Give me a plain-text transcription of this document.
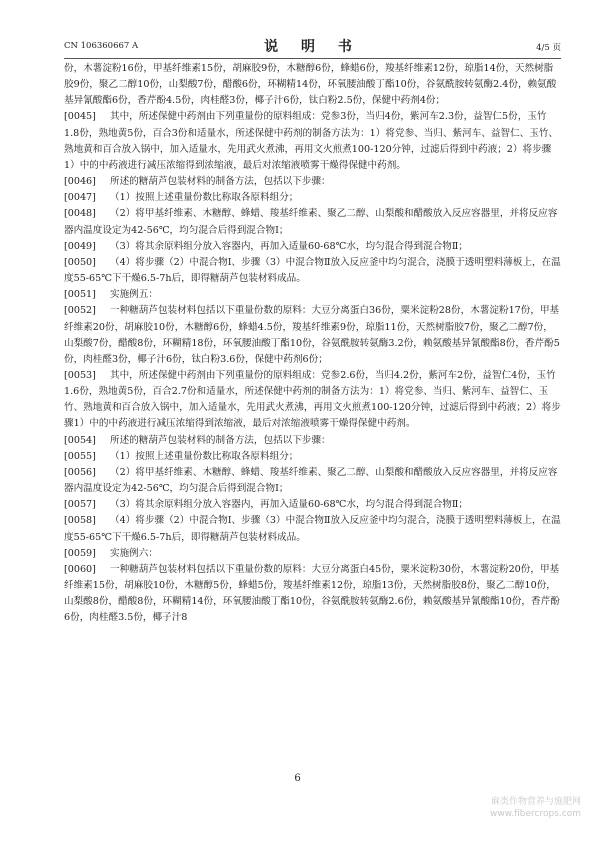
CN 106360667 A	说 明 书	4/5 页

份，木薯淀粉16份，甲基纤维素15份，胡麻胶9份，木糖醇6份，蜂蜡6份，羧基纤维素12份，琼脂14份，天然树脂胶9份，聚乙二醇10份，山梨酸7份，醋酸6份，环糊精14份，环氧腰油酸丁酯10份，谷氨酰胺转氨酶2.4份，赖氨酸基异氰酸酯6份，香芹酚4.5份，肉桂醛3份，椰子汁6份，钛白粉2.5份，保健中药剂4份；

[0045] 其中，所述保健中药剂由下列重量份的原料组成：党参3份，当归4份，紫河车2.3份，益智仁5份，玉竹1.8份，熟地黄5份，百合3份和适量水，所述保健中药剂的制备方法为：1）将党参、当归、紫河车、益智仁、玉竹、熟地黄和百合放入锅中，加入适量水，先用武火煮沸，再用文火煎煮100-120分钟，过滤后得到中药液；2）将步骤1）中的中药液进行减压浓缩得到浓缩液，最后对浓缩液喷雾干燥得保健中药剂。

[0046] 所述的糖葫芦包装材料的制备方法，包括以下步骤：

[0047] （1）按照上述重量份数比称取各原料组分；

[0048] （2）将甲基纤维素、木糖醇、蜂蜡、羧基纤维素、聚乙二醇、山梨酸和醋酸放入反应容器里，并将反应容器内温度设定为42-56℃，均匀混合后得到混合物Ⅰ；

[0049] （3）将其余原料组分放入容器内，再加入适量60-68℃水，均匀混合得到混合物Ⅱ；

[0050] （4）将步骤（2）中混合物Ⅰ、步骤（3）中混合物Ⅱ放入反应釜中均匀混合，浇膜于透明塑料薄板上，在温度55-65℃下干燥6.5-7h后，即得糖葫芦包装材料成品。

[0051] 实施例五：

[0052] 一种糖葫芦包装材料包括以下重量份数的原料：大豆分离蛋白36份，粟米淀粉28份，木薯淀粉17份，甲基纤维素20份，胡麻胶10份，木糖醇6份，蜂蜡4.5份，羧基纤维素9份，琼脂11份，天然树脂胶7份，聚乙二醇7份，山梨酸7份，醋酸8份，环糊精18份，环氧腰油酸丁酯10份，谷氨酰胺转氨酶3.2份，赖氨酸基异氰酸酯8份，香芹酚5份，肉桂醛3份，椰子汁6份，钛白粉3.6份，保健中药剂6份；

[0053] 其中，所述保健中药剂由下列重量份的原料组成：党参2.6份，当归4.2份，紫河车2份，益智仁4份，玉竹1.6份，熟地黄5份，百合2.7份和适量水，所述保健中药剂的制备方法为：1）将党参、当归、紫河车、益智仁、玉竹、熟地黄和百合放入锅中，加入适量水，先用武火煮沸，再用文火煎煮100-120分钟，过滤后得到中药液；2）将步骤1）中的中药液进行减压浓缩得到浓缩液，最后对浓缩液喷雾干燥得保健中药剂。

[0054] 所述的糖葫芦包装材料的制备方法，包括以下步骤：

[0055] （1）按照上述重量份数比称取各原料组分；

[0056] （2）将甲基纤维素、木糖醇、蜂蜡、羧基纤维素、聚乙二醇、山梨酸和醋酸放入反应容器里，并将反应容器内温度设定为42-56℃，均匀混合后得到混合物Ⅰ；

[0057] （3）将其余原料组分放入容器内，再加入适量60-68℃水，均匀混合得到混合物Ⅱ；

[0058] （4）将步骤（2）中混合物Ⅰ、步骤（3）中混合物Ⅱ放入反应釜中均匀混合，浇膜于透明塑料薄板上，在温度55-65℃下干燥6.5-7h后，即得糖葫芦包装材料成品。

[0059] 实施例六：

[0060] 一种糖葫芦包装材料包括以下重量份数的原料：大豆分离蛋白45份，粟米淀粉30份，木薯淀粉20份，甲基纤维素15份，胡麻胶10份，木糖醇5份，蜂蜡5份，羧基纤维素12份，琼脂13份，天然树脂胶8份，聚乙二醇10份，山梨酸8份，醋酸8份，环糊精14份，环氧腰油酸丁酯10份，谷氨酰胺转氨酶2.6份，赖氨酸基异氰酸酯10份，香芹酚6份，肉桂醛3.5份，椰子汁8

6
麻类作物营养与施肥网
www.fibercrops.com
